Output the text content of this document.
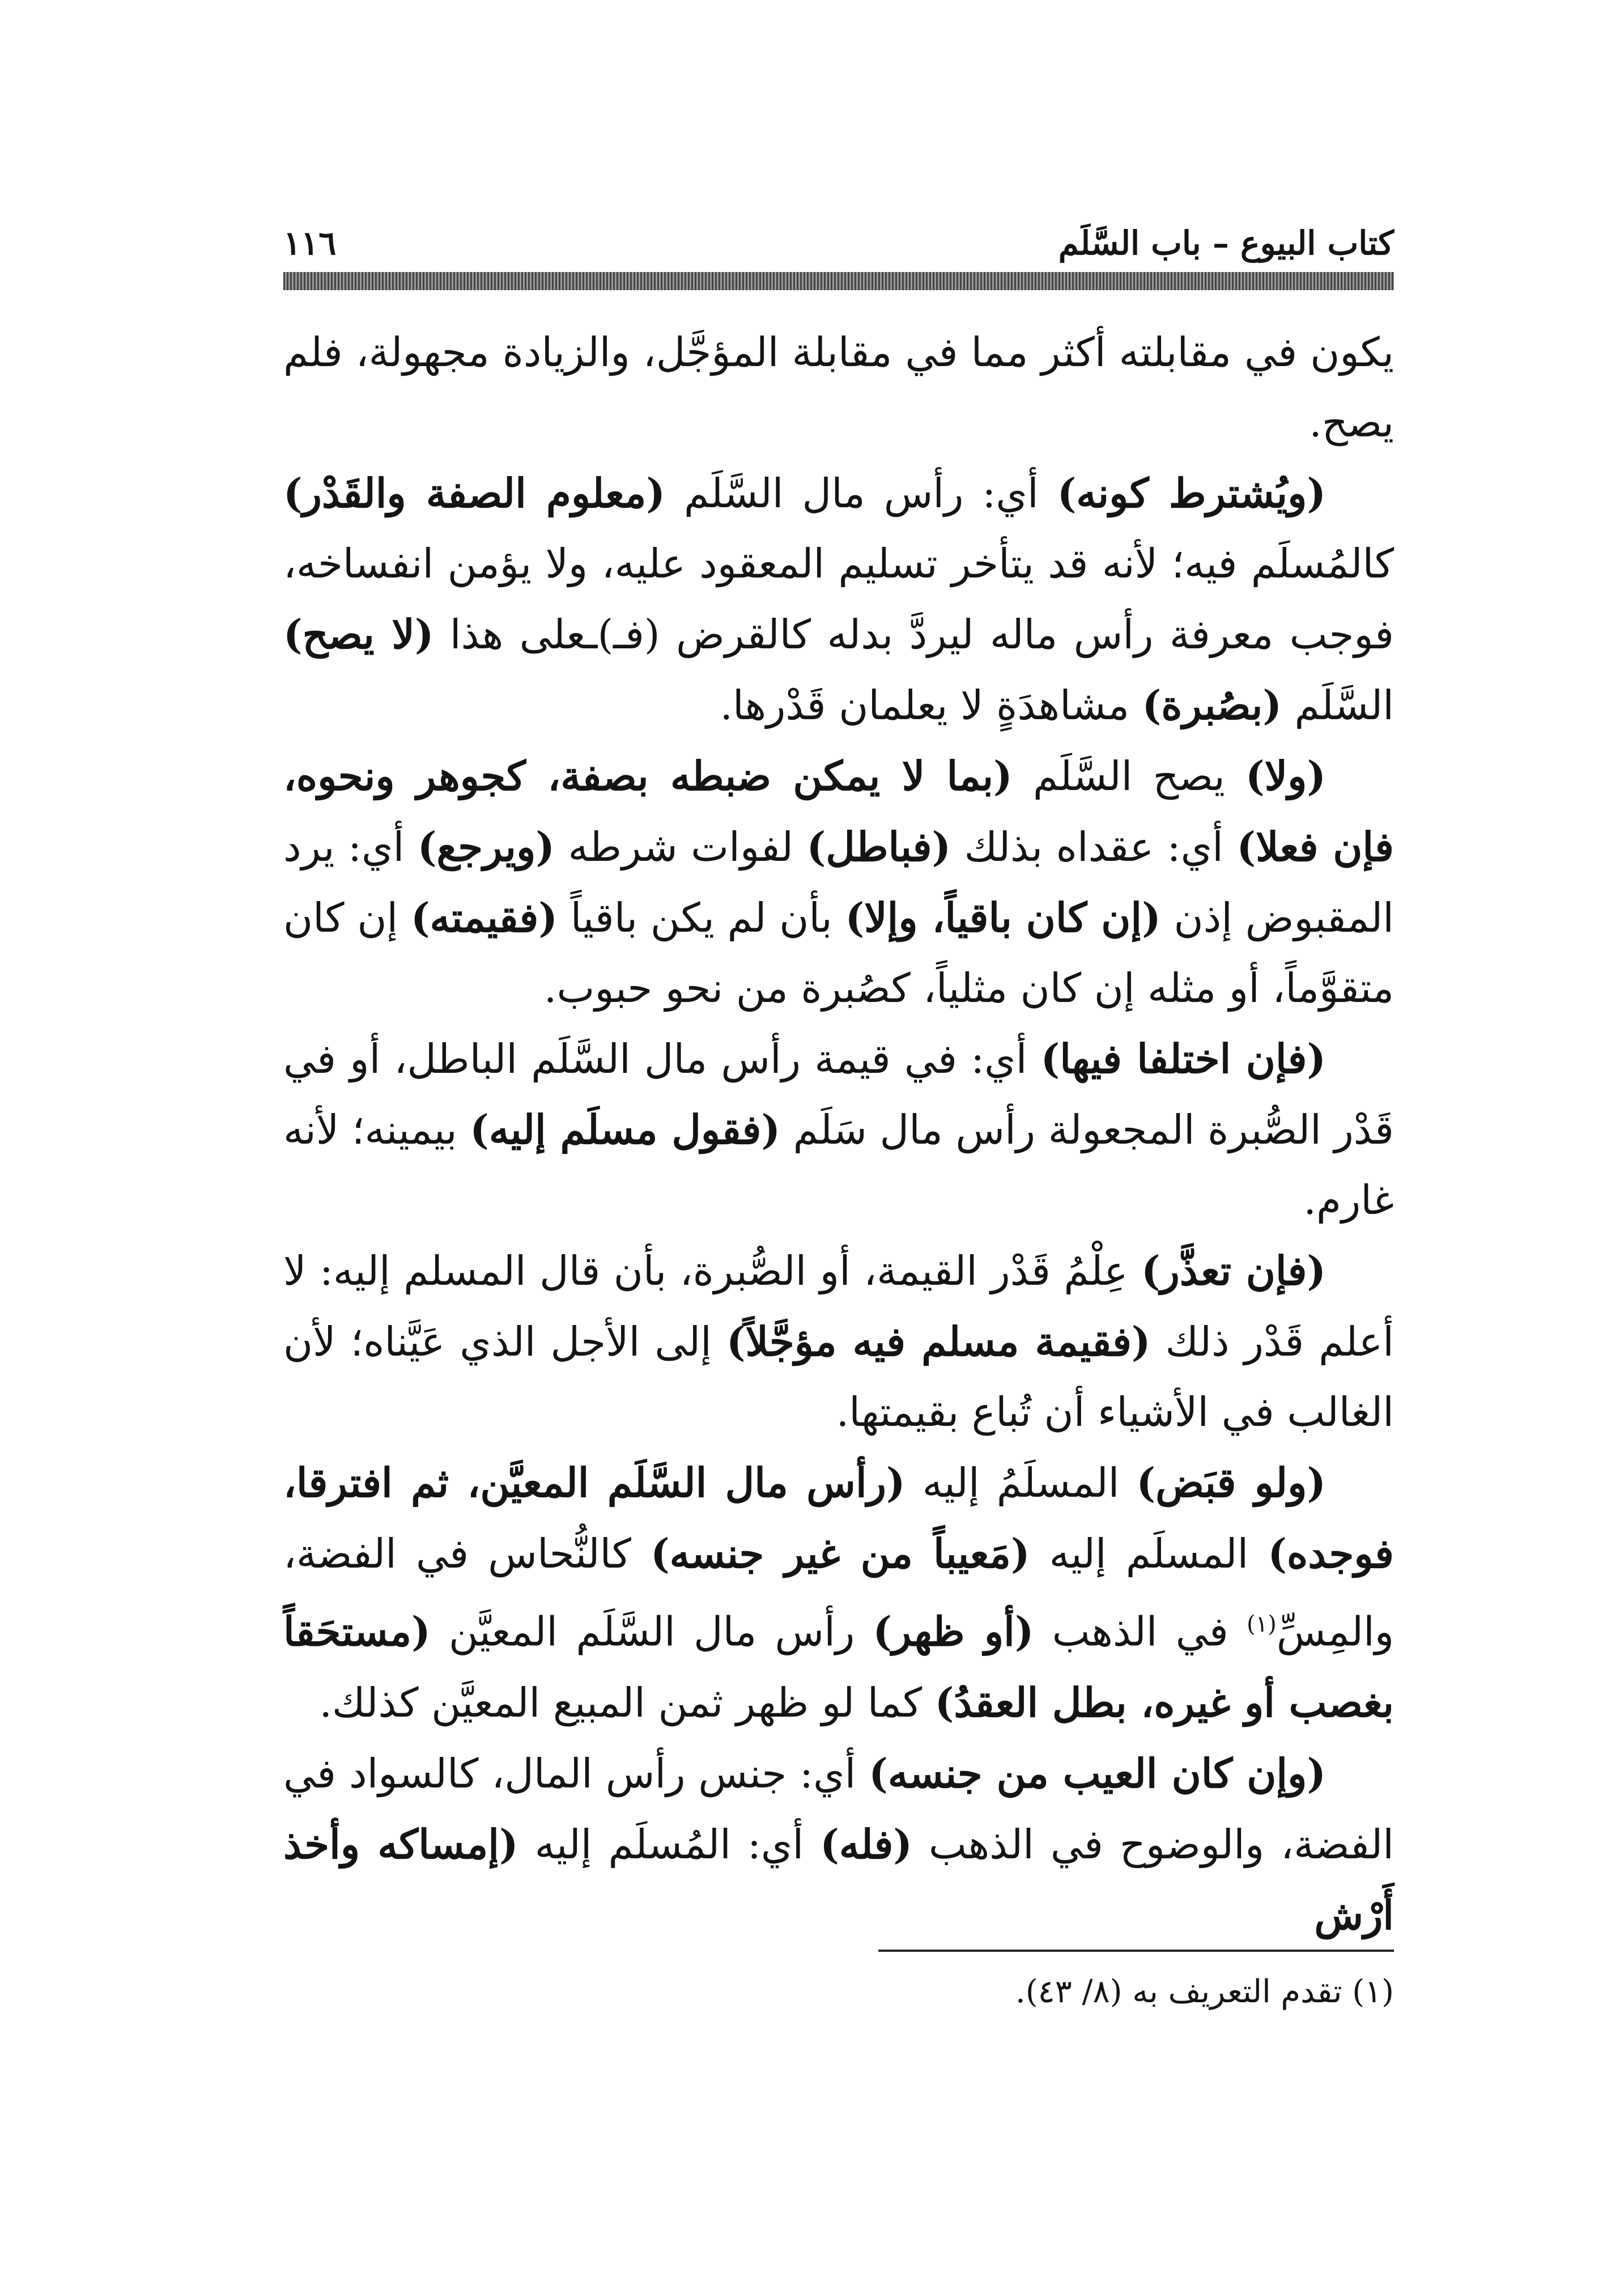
كتاب البيوع – باب السَّلَم
١١٦

يكون في مقابلته أكثر مما في مقابلة المؤجَّل، والزيادة مجهولة، فلم يصح.

(ويُشترط كونه) أي: رأس مال السَّلَم (معلوم الصفة والقَدْر) كالمُسلَم فيه؛ لأنه قد يتأخر تسليم المعقود عليه، ولا يؤمن انفساخه، فوجب معرفة رأس ماله ليردَّ بدله كالقرض (فـ)ـعلى هذا (لا يصح) السَّلَم (بصُبرة) مشاهدَةٍ لا يعلمان قَدْرها.

(ولا) يصح السَّلَم (بما لا يمكن ضبطه بصفة، كجوهر ونحوه، فإن فعلا) أي: عقداه بذلك (فباطل) لفوات شرطه (ويرجع) أي: يرد المقبوض إذن (إن كان باقياً، وإلا) بأن لم يكن باقياً (فقيمته) إن كان متقوَّماً، أو مثله إن كان مثلياً، كصُبرة من نحو حبوب.

(فإن اختلفا فيها) أي: في قيمة رأس مال السَّلَم الباطل، أو في قَدْر الصُّبرة المجعولة رأس مال سَلَم (فقول مسلَم إليه) بيمينه؛ لأنه غارم.

(فإن تعذَّر) عِلْمُ قَدْر القيمة، أو الصُّبرة، بأن قال المسلم إليه: لا أعلم قَدْر ذلك (فقيمة مسلم فيه مؤجَّلاً) إلى الأجل الذي عَيَّناه؛ لأن الغالب في الأشياء أن تُباع بقيمتها.

(ولو قبَض) المسلَمُ إليه (رأس مال السَّلَم المعيَّن، ثم افترقا، فوجده) المسلَم إليه (مَعيباً من غير جنسه) كالنُّحاس في الفضة، والمِسِّ$^{(١)}$ في الذهب (أو ظهر) رأس مال السَّلَم المعيَّن (مستحَقاً بغصب أو غيره، بطل العقدُ) كما لو ظهر ثمن المبيع المعيَّن كذلك.

(وإن كان العيب من جنسه) أي: جنس رأس المال، كالسواد في الفضة، والوضوح في الذهب (فله) أي: المُسلَم إليه (إمساكه وأخذ أَرْش

(١) تقدم التعريف به (٨/ ٤٣).
